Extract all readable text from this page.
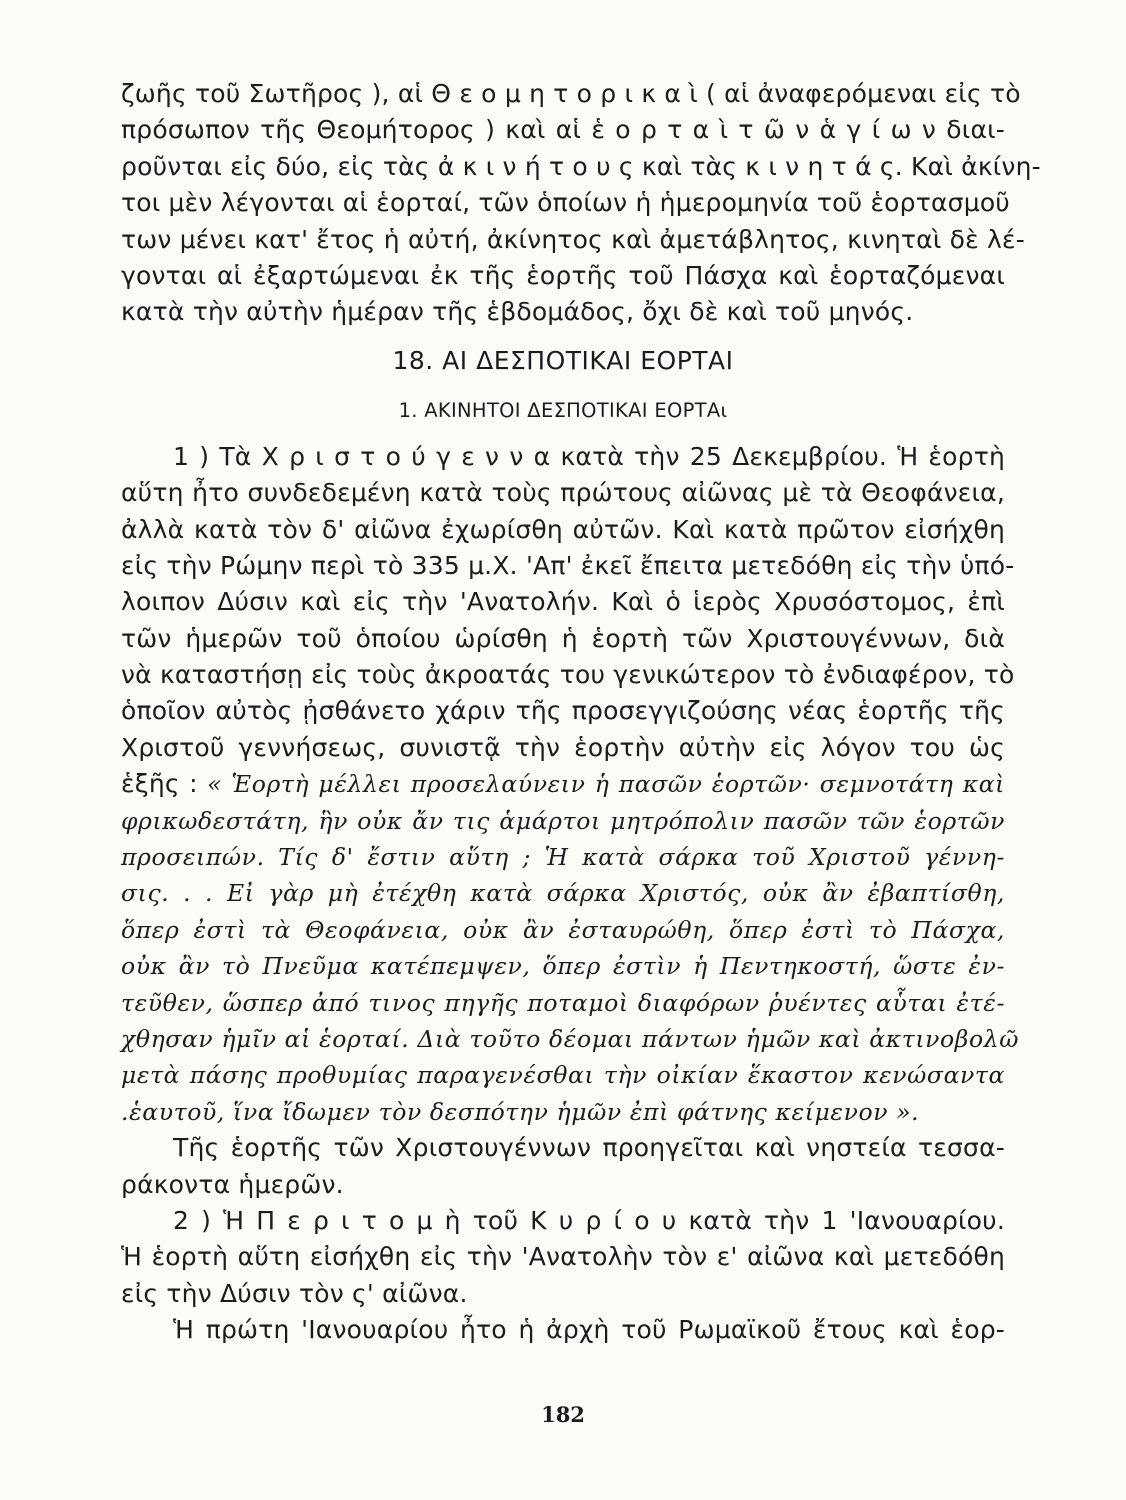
ζωῆς τοῦ Σωτῆρος ), αἱ Θ ε ο μ η τ ο ρ ι κ α ὶ ( αἱ ἀναφερόμεναι εἰς τὸ
πρόσωπον τῆς Θεομήτορος ) καὶ αἱ ἑ ο ρ τ α ὶ τ ῶ ν ἁ γ ί ω ν διαι-
ροῦνται εἰς δύο, εἰς τὰς ἀ κ ι ν ή τ ο υ ς καὶ τὰς κ ι ν η τ ά ς. Καὶ ἀκίνη-
τοι μὲν λέγονται αἱ ἑορταί, τῶν ὁποίων ἡ ἡμερομηνία τοῦ ἑορτασμοῦ
των μένει κατ' ἔτος ἡ αὐτή, ἀκίνητος καὶ ἀμετάβλητος, κινηταὶ δὲ λέ-
γονται αἱ ἐξαρτώμεναι ἐκ τῆς ἑορτῆς τοῦ Πάσχα καὶ ἑορταζόμεναι
κατὰ τὴν αὐτὴν ἡμέραν τῆς ἑβδομάδος, ὄχι δὲ καὶ τοῦ μηνός.
18. ΑΙ ΔΕΣΠΟΤΙΚΑΙ ΕΟΡΤΑΙ
1. ΑΚΙΝΗΤΟΙ ΔΕΣΠΟΤΙΚΑΙ ΕΟΡΤΑι
1 ) Τὰ Χ ρ ι σ τ ο ύ γ ε ν ν α κατὰ τὴν 25 Δεκεμβρίου. Ἡ ἑορτὴ
αὕτη ἦτο συνδεδεμένη κατὰ τοὺς πρώτους αἰῶνας μὲ τὰ Θεοφάνεια,
ἀλλὰ κατὰ τὸν δ' αἰῶνα ἐχωρίσθη αὐτῶν. Καὶ κατὰ πρῶτον εἰσήχθη
εἰς τὴν Ρώμην περὶ τὸ 335 μ.Χ. 'Απ' ἐκεῖ ἔπειτα μετεδόθη εἰς τὴν ὑπό-
λοιπον Δύσιν καὶ εἰς τὴν 'Ανατολήν. Καὶ ὁ ἱερὸς Χρυσόστομος, ἐπὶ
τῶν ἡμερῶν τοῦ ὁποίου ὡρίσθη ἡ ἑορτὴ τῶν Χριστουγέννων, διὰ
νὰ καταστήσῃ εἰς τοὺς ἀκροατάς του γενικώτερον τὸ ἐνδιαφέρον, τὸ
ὁποῖον αὐτὸς ᾐσθάνετο χάριν τῆς προσεγγιζούσης νέας ἑορτῆς τῆς
Χριστοῦ γεννήσεως, συνιστᾷ τὴν ἑορτὴν αὐτὴν εἰς λόγον του ὡς
ἑξῆς : « Ἑορτὴ μέλλει προσελαύνειν ἡ πασῶν ἑορτῶν· σεμνοτάτη καὶ
φρικωδεστάτη, ἣν οὐκ ἄν τις ἁμάρτοι μητρόπολιν πασῶν τῶν ἑορτῶν
προσειπών. Τίς δ' ἔστιν αὕτη ; Ἡ κατὰ σάρκα τοῦ Χριστοῦ γέννη-
σις. . . Εἰ γὰρ μὴ ἐτέχθη κατὰ σάρκα Χριστός, οὐκ ἂν ἐβαπτίσθη,
ὅπερ ἐστὶ τὰ Θεοφάνεια, οὐκ ἂν ἐσταυρώθη, ὅπερ ἐστὶ τὸ Πάσχα,
οὐκ ἂν τὸ Πνεῦμα κατέπεμψεν, ὅπερ ἐστὶν ἡ Πεντηκοστή, ὥστε ἐν-
τεῦθεν, ὥσπερ ἀπό τινος πηγῆς ποταμοὶ διαφόρων ῥυέντες αὗται ἐτέ-
χθησαν ἡμῖν αἱ ἑορταί. Διὰ τοῦτο δέομαι πάντων ἡμῶν καὶ ἀκτινοβολῶ
μετὰ πάσης προθυμίας παραγενέσθαι τὴν οἰκίαν ἕκαστον κενώσαντα
.ἑαυτοῦ, ἵνα ἴδωμεν τὸν δεσπότην ἡμῶν ἐπὶ φάτνης κείμενον ».
Τῆς ἑορτῆς τῶν Χριστουγέννων προηγεῖται καὶ νηστεία τεσσα-
ράκοντα ἡμερῶν.
2 ) Ἡ Π ε ρ ι τ ο μ ὴ τοῦ Κ υ ρ ί ο υ κατὰ τὴν 1 'Ιανουαρίου.
Ἡ ἑορτὴ αὕτη εἰσήχθη εἰς τὴν 'Ανατολὴν τὸν ε' αἰῶνα καὶ μετεδόθη
εἰς τὴν Δύσιν τὸν ς' αἰῶνα.
Ἡ πρώτη 'Ιανουαρίου ἦτο ἡ ἀρχὴ τοῦ Ρωμαϊκοῦ ἔτους καὶ ἑορ-
182
